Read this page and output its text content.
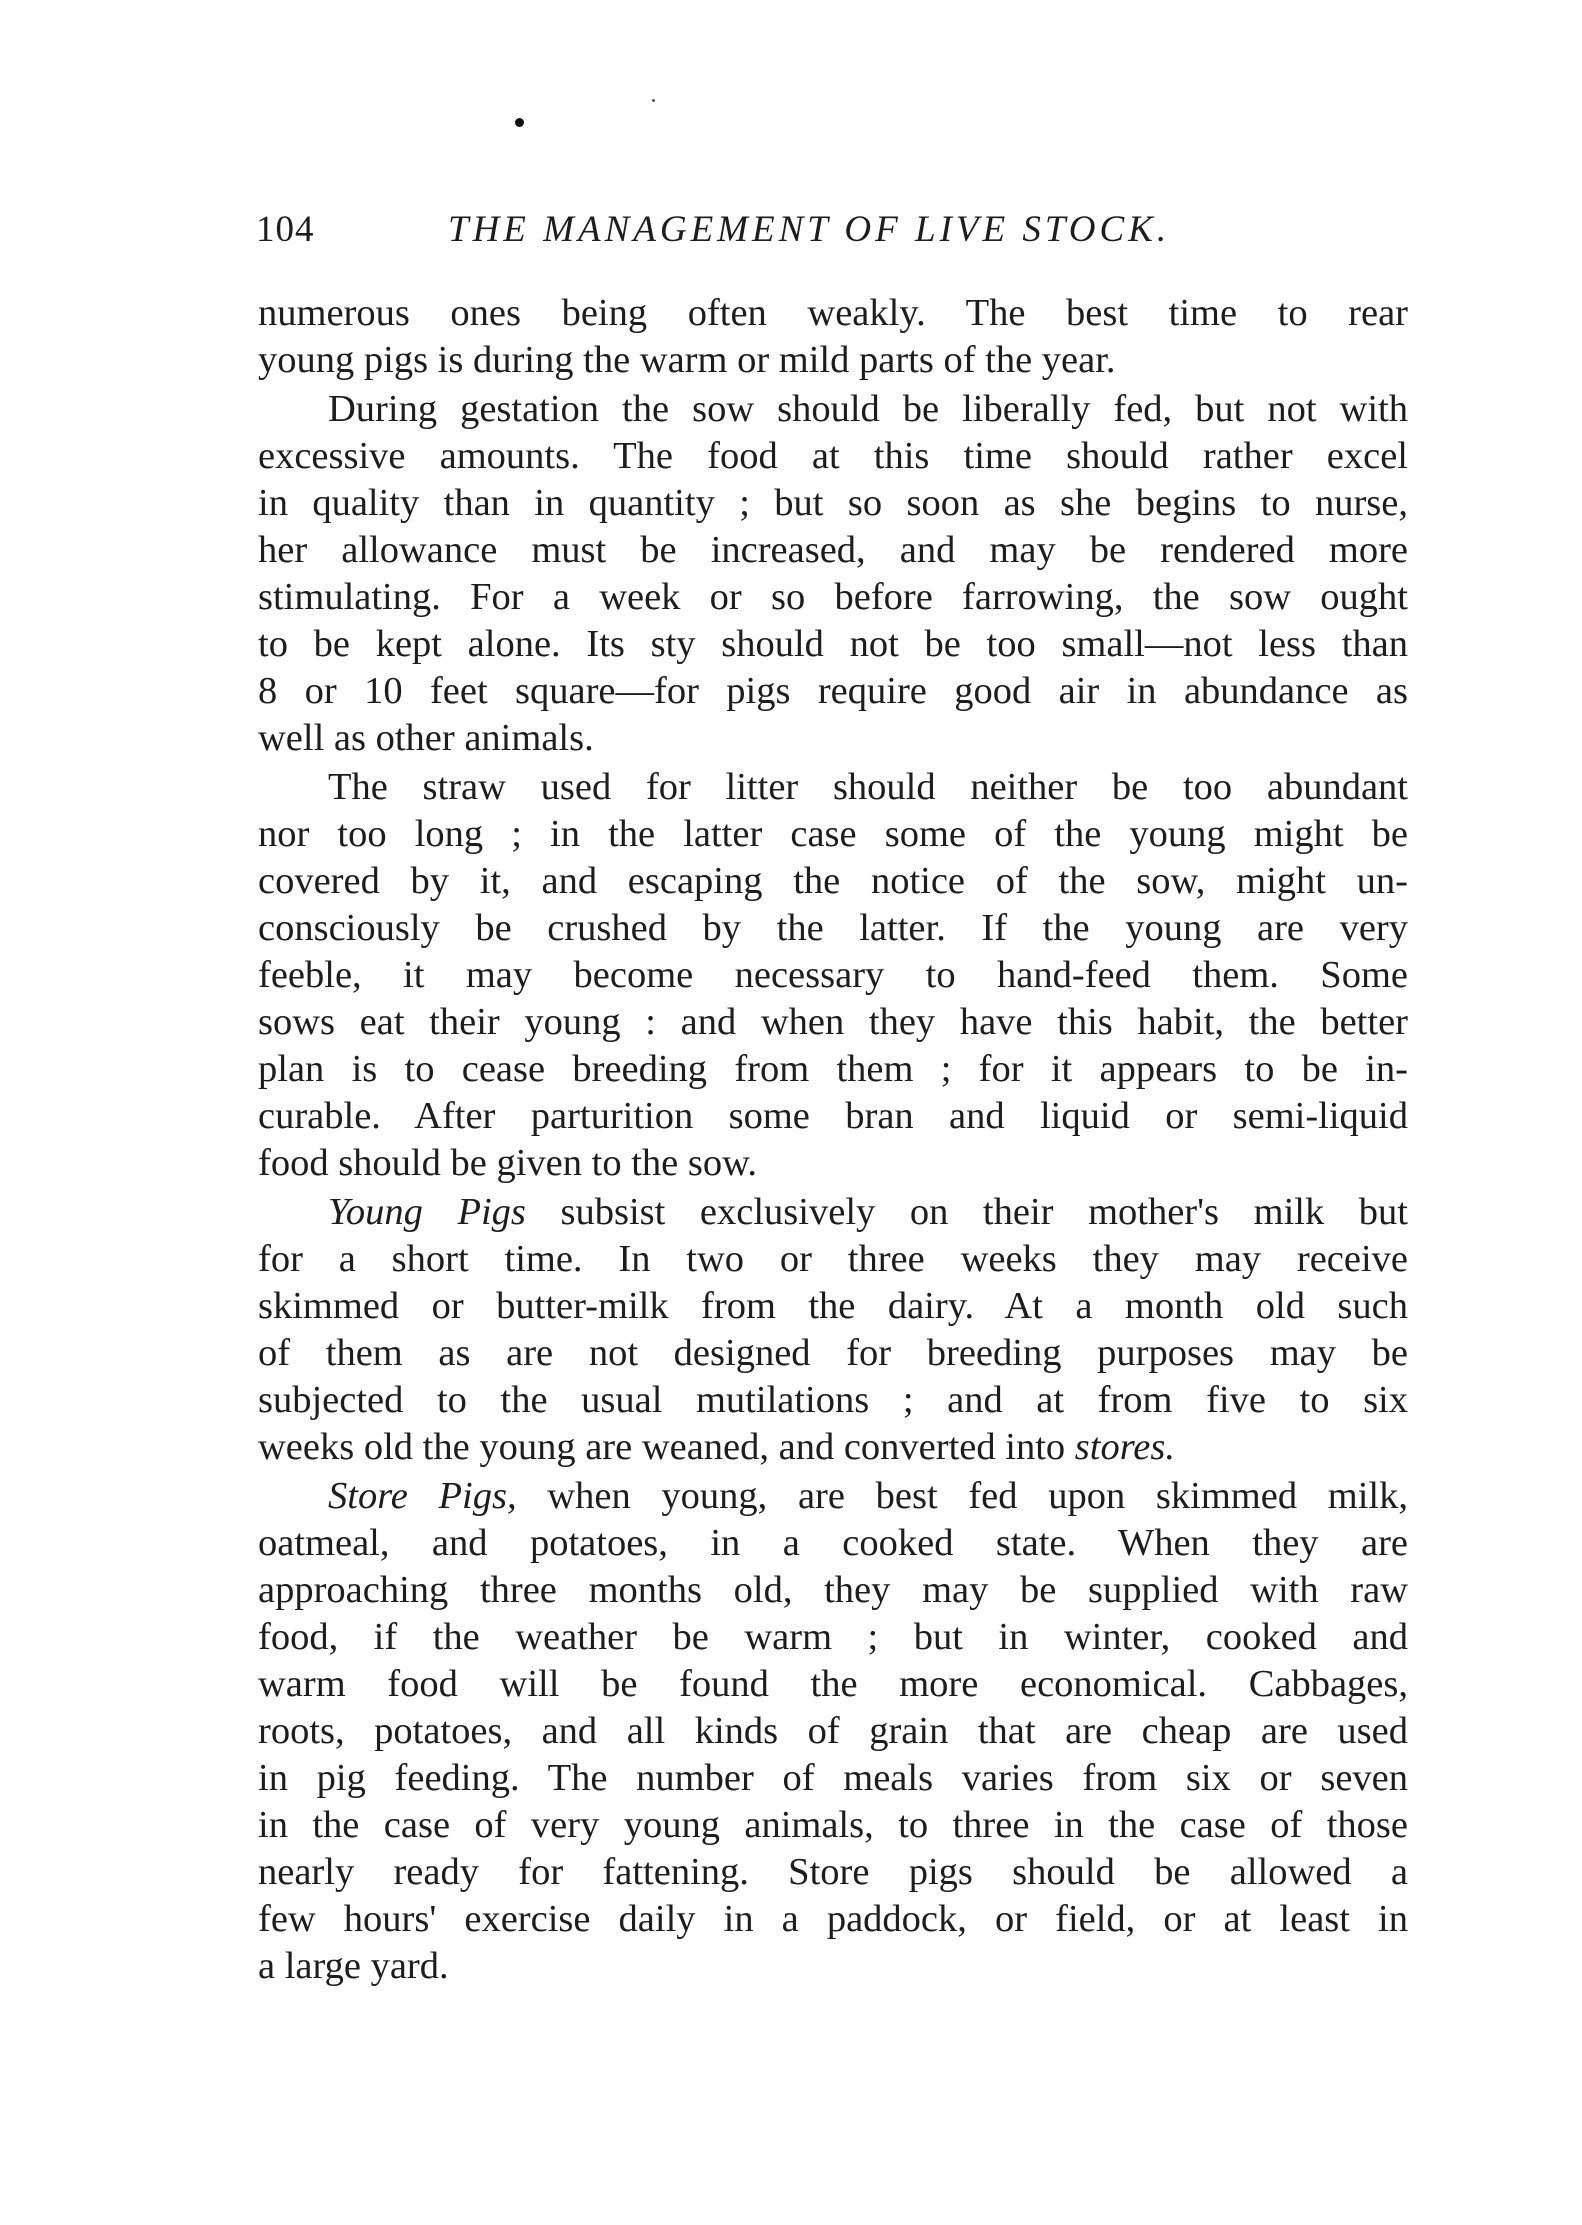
104	THE MANAGEMENT OF LIVE STOCK.
numerous ones being often weakly. The best time to rear
young pigs is during the warm or mild parts of the year.
During gestation the sow should be liberally fed, but not with
excessive amounts. The food at this time should rather excel
in quality than in quantity ; but so soon as she begins to nurse,
her allowance must be increased, and may be rendered more
stimulating. For a week or so before farrowing, the sow ought
to be kept alone. Its sty should not be too small—not less than
8 or 10 feet square—for pigs require good air in abundance as
well as other animals.
The straw used for litter should neither be too abundant
nor too long ; in the latter case some of the young might be
covered by it, and escaping the notice of the sow, might un-
consciously be crushed by the latter. If the young are very
feeble, it may become necessary to hand-feed them. Some
sows eat their young : and when they have this habit, the better
plan is to cease breeding from them ; for it appears to be in-
curable. After parturition some bran and liquid or semi-liquid
food should be given to the sow.
Young Pigs subsist exclusively on their mother's milk but
for a short time. In two or three weeks they may receive
skimmed or butter-milk from the dairy. At a month old such
of them as are not designed for breeding purposes may be
subjected to the usual mutilations ; and at from five to six
weeks old the young are weaned, and converted into stores.
Store Pigs, when young, are best fed upon skimmed milk,
oatmeal, and potatoes, in a cooked state. When they are
approaching three months old, they may be supplied with raw
food, if the weather be warm ; but in winter, cooked and
warm food will be found the more economical. Cabbages,
roots, potatoes, and all kinds of grain that are cheap are used
in pig feeding. The number of meals varies from six or seven
in the case of very young animals, to three in the case of those
nearly ready for fattening. Store pigs should be allowed a
few hours' exercise daily in a paddock, or field, or at least in
a large yard.
